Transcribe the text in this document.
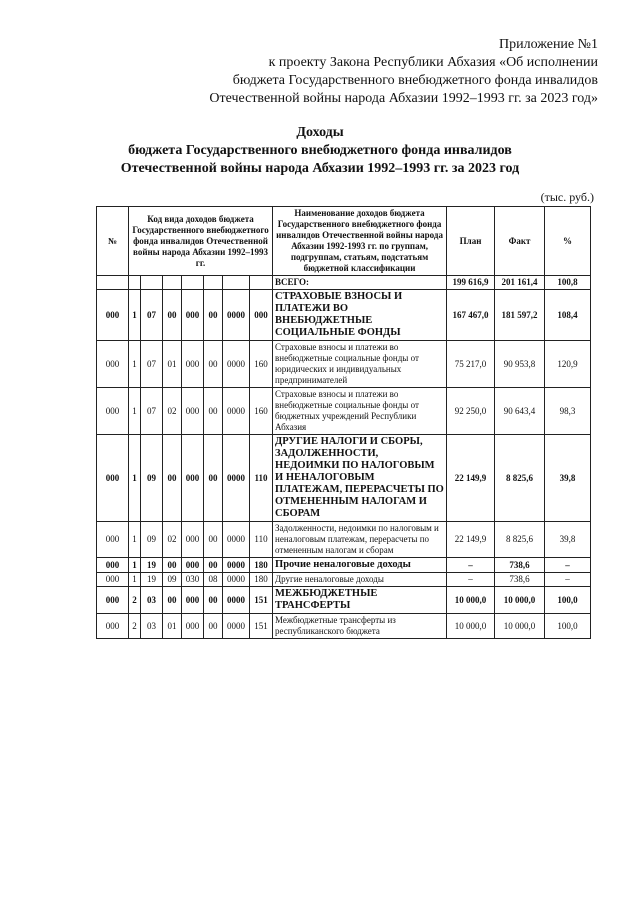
Приложение №1
к проекту Закона Республики Абхазия «Об исполнении
бюджета Государственного внебюджетного фонда инвалидов
Отечественной войны народа Абхазии 1992–1993 гг. за 2023 год»
Доходы
бюджета Государственного внебюджетного фонда инвалидов
Отечественной войны народа Абхазии 1992–1993 гг. за 2023 год
(тыс. руб.)
№	Код вида доходов бюджета Государственного внебюджетного фонда инвалидов Отечественной войны народа Абхазии 1992–1993 гг.							Наименование доходов бюджета Государственного внебюджетного фонда инвалидов Отечественной войны народа Абхазии 1992-1993 гг. по группам, подгруппам, статьям, подстатьям бюджетной классификации	План	Факт	%
								ВСЕГО:	199 616,9	201 161,4	100,8
000	1	07	00	000	00	0000	000	СТРАХОВЫЕ ВЗНОСЫ И ПЛАТЕЖИ ВО ВНЕБЮДЖЕТНЫЕ СОЦИАЛЬНЫЕ ФОНДЫ	167 467,0	181 597,2	108,4
000	1	07	01	000	00	0000	160	Страховые взносы и платежи во внебюджетные социальные фонды от юридических и индивидуальных предпринимателей	75 217,0	90 953,8	120,9
000	1	07	02	000	00	0000	160	Страховые взносы и платежи во внебюджетные социальные фонды от бюджетных учреждений Республики Абхазия	92 250,0	90 643,4	98,3
000	1	09	00	000	00	0000	110	ДРУГИЕ НАЛОГИ И СБОРЫ, ЗАДОЛЖЕННОСТИ, НЕДОИМКИ ПО НАЛОГОВЫМ И НЕНАЛОГОВЫМ ПЛАТЕЖАМ, ПЕРЕРАСЧЕТЫ ПО ОТМЕНЕННЫМ НАЛОГАМ И СБОРАМ	22 149,9	8 825,6	39,8
000	1	09	02	000	00	0000	110	Задолженности, недоимки по налоговым и неналоговым платежам, перерасчеты по отмененным налогам и сборам	22 149,9	8 825,6	39,8
000	1	19	00	000	00	0000	180	Прочие неналоговые доходы	–	738,6	–
000	1	19	09	030	08	0000	180	Другие неналоговые доходы	–	738,6	–
000	2	03	00	000	00	0000	151	МЕЖБЮДЖЕТНЫЕ ТРАНСФЕРТЫ	10 000,0	10 000,0	100,0
000	2	03	01	000	00	0000	151	Межбюджетные трансферты из республиканского бюджета	10 000,0	10 000,0	100,0
